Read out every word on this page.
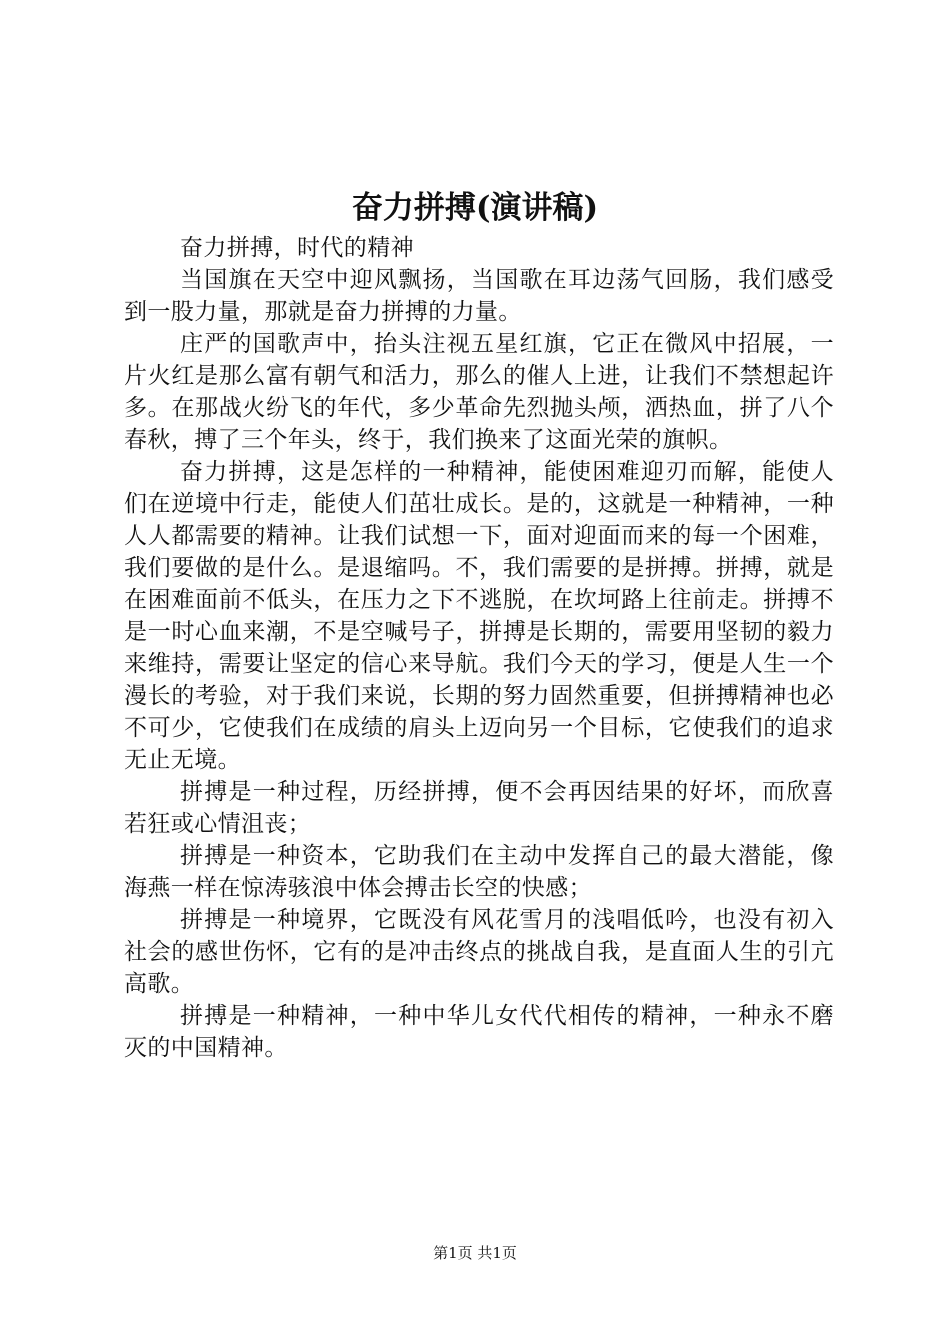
奋力拼搏(演讲稿)

奋力拼搏，时代的精神

当国旗在天空中迎风飘扬，当国歌在耳边荡气回肠，我们感受到一股力量，那就是奋力拼搏的力量。

庄严的国歌声中，抬头注视五星红旗，它正在微风中招展，一片火红是那么富有朝气和活力，那么的催人上进，让我们不禁想起许多。在那战火纷飞的年代，多少革命先烈抛头颅，洒热血，拼了八个春秋，搏了三个年头，终于，我们换来了这面光荣的旗帜。

奋力拼搏，这是怎样的一种精神，能使困难迎刃而解，能使人们在逆境中行走，能使人们茁壮成长。是的，这就是一种精神，一种人人都需要的精神。让我们试想一下，面对迎面而来的每一个困难，我们要做的是什么。是退缩吗。不，我们需要的是拼搏。拼搏，就是在困难面前不低头，在压力之下不逃脱，在坎坷路上往前走。拼搏不是一时心血来潮，不是空喊号子，拼搏是长期的，需要用坚韧的毅力来维持，需要让坚定的信心来导航。我们今天的学习，便是人生一个漫长的考验，对于我们来说，长期的努力固然重要，但拼搏精神也必不可少，它使我们在成绩的肩头上迈向另一个目标，它使我们的追求无止无境。

拼搏是一种过程，历经拼搏，便不会再因结果的好坏，而欣喜若狂或心情沮丧；

拼搏是一种资本，它助我们在主动中发挥自己的最大潜能，像海燕一样在惊涛骇浪中体会搏击长空的快感；

拼搏是一种境界，它既没有风花雪月的浅唱低吟，也没有初入社会的感世伤怀，它有的是冲击终点的挑战自我，是直面人生的引亢高歌。

拼搏是一种精神，一种中华儿女代代相传的精神，一种永不磨灭的中国精神。

第1页 共1页
